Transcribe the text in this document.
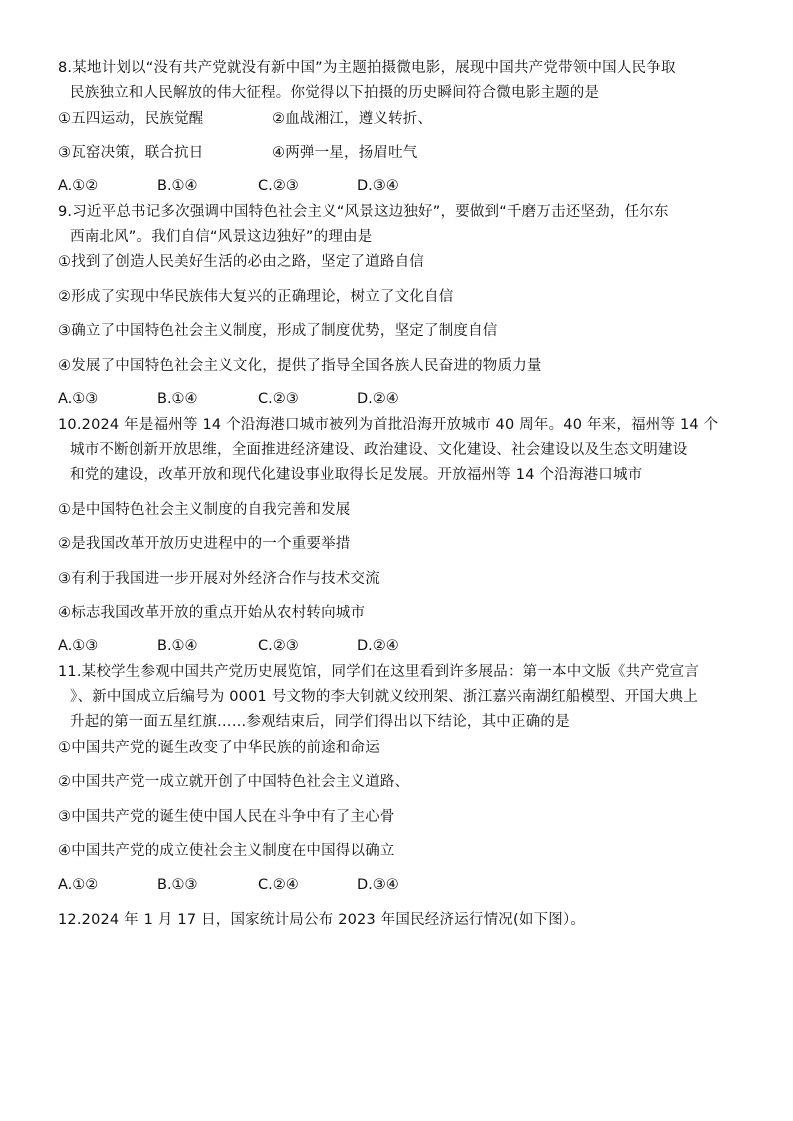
8.某地计划以“没有共产党就没有新中国”为主题拍摄微电影，展现中国共产党带领中国人民争取
民族独立和人民解放的伟大征程。你觉得以下拍摄的历史瞬间符合微电影主题的是
①五四运动，民族觉醒	②血战湘江，遵义转折、
③瓦窑决策，联合抗日	④两弹一星，扬眉吐气
A.①②	B.①④	C.②③	D.③④
9.习近平总书记多次强调中国特色社会主义“风景这边独好”，要做到“千磨万击还坚劲，任尔东
西南北风”。我们自信“风景这边独好”的理由是
①找到了创造人民美好生活的必由之路，坚定了道路自信
②形成了实现中华民族伟大复兴的正确理论，树立了文化自信
③确立了中国特色社会主义制度，形成了制度优势，坚定了制度自信
④发展了中国特色社会主义文化，提供了指导全国各族人民奋进的物质力量
A.①③	B.①④	C.②③	D.②④
10.2024 年是福州等 14 个沿海港口城市被列为首批沿海开放城市 40 周年。40 年来，福州等 14 个
城市不断创新开放思维，全面推进经济建设、政治建设、文化建设、社会建设以及生态文明建设
和党的建设，改革开放和现代化建设事业取得长足发展。开放福州等 14 个沿海港口城市
①是中国特色社会主义制度的自我完善和发展
②是我国改革开放历史进程中的一个重要举措
③有利于我国进一步开展对外经济合作与技术交流
④标志我国改革开放的重点开始从农村转向城市
A.①③	B.①④	C.②③	D.②④
11.某校学生参观中国共产党历史展览馆，同学们在这里看到许多展品：第一本中文版《共产党宣言
》、新中国成立后编号为 0001 号文物的李大钊就义绞刑架、浙江嘉兴南湖红船模型、开国大典上
升起的第一面五星红旗……参观结束后，同学们得出以下结论，其中正确的是
①中国共产党的诞生改变了中华民族的前途和命运
②中国共产党一成立就开创了中国特色社会主义道路、
③中国共产党的诞生使中国人民在斗争中有了主心骨
④中国共产党的成立使社会主义制度在中国得以确立
A.①②	B.①③	C.②④	D.③④
12.2024 年 1 月 17 日，国家统计局公布 2023 年国民经济运行情况(如下图）。
